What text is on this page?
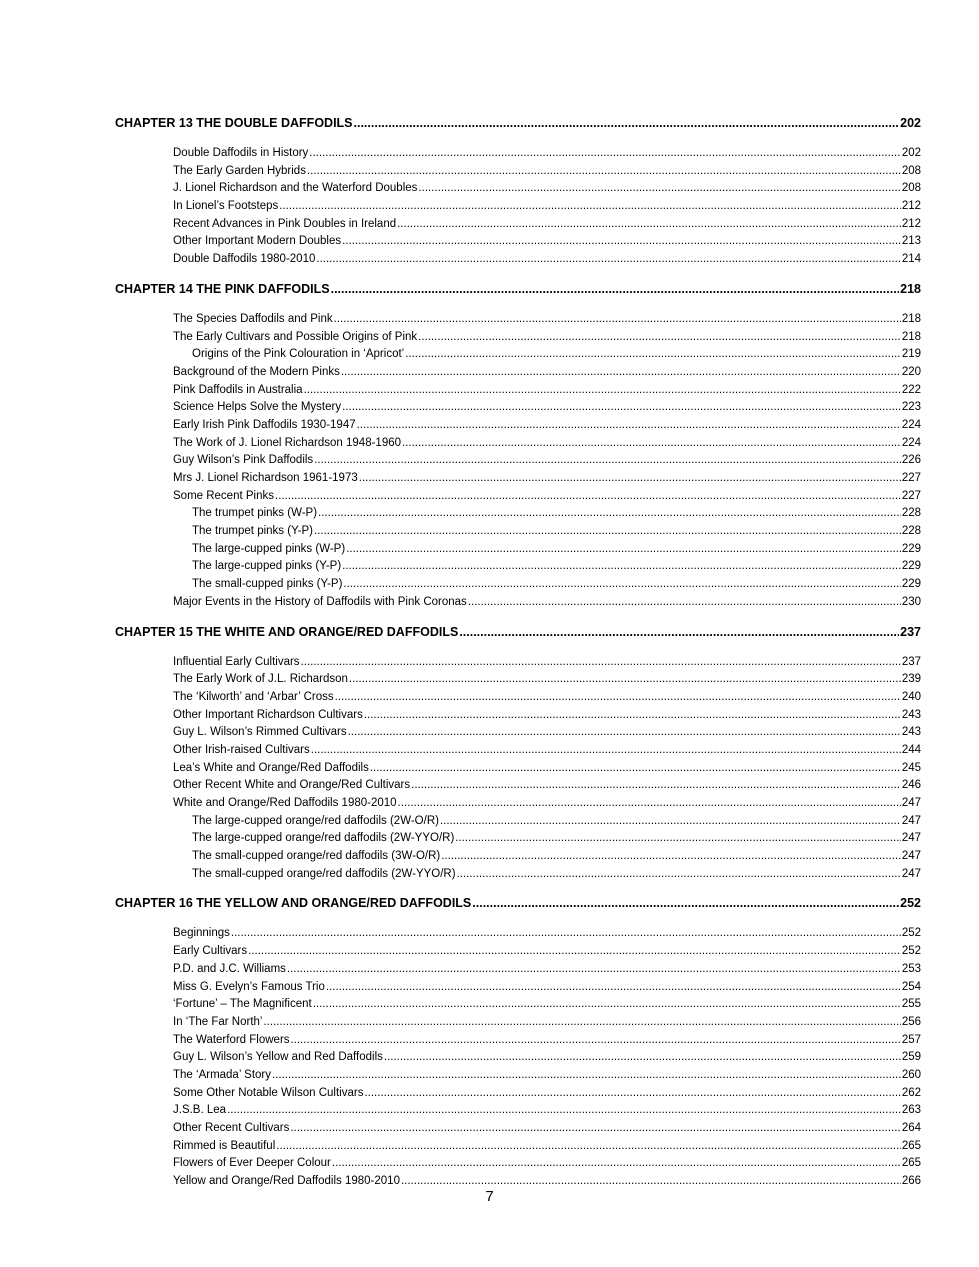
CHAPTER 13 THE DOUBLE DAFFODILS .....	202
Double Daffodils in History .....	202
The Early Garden Hybrids .....	208
J. Lionel Richardson and the Waterford Doubles .....	208
In Lionel’s Footsteps .....	212
Recent Advances in Pink Doubles in Ireland .....	212
Other Important Modern Doubles .....	213
Double Daffodils 1980-2010 .....	214
CHAPTER 14 THE PINK DAFFODILS .....	218
The Species Daffodils and Pink .....	218
The Early Cultivars and Possible Origins of Pink .....	218
Origins of the Pink Colouration in ‘Apricot’ .....	219
Background of the Modern Pinks .....	220
Pink Daffodils in Australia .....	222
Science Helps Solve the Mystery .....	223
Early Irish Pink Daffodils 1930-1947 .....	224
The Work of J. Lionel Richardson 1948-1960 .....	224
Guy Wilson’s Pink Daffodils .....	226
Mrs J. Lionel Richardson 1961-1973 .....	227
Some Recent Pinks .....	227
The trumpet pinks (W-P) .....	228
The trumpet pinks (Y-P) .....	228
The large-cupped pinks (W-P) .....	229
The large-cupped pinks (Y-P) .....	229
The small-cupped pinks (Y-P) .....	229
Major Events in the History of Daffodils with Pink Coronas .....	230
CHAPTER 15 THE WHITE AND ORANGE/RED DAFFODILS .....	237
Influential Early Cultivars .....	237
The Early Work of J.L. Richardson .....	239
The ‘Kilworth’ and ‘Arbar’ Cross .....	240
Other Important Richardson Cultivars .....	243
Guy L. Wilson’s Rimmed Cultivars .....	243
Other Irish-raised Cultivars .....	244
Lea’s White and Orange/Red Daffodils .....	245
Other Recent White and Orange/Red Cultivars .....	246
White and Orange/Red Daffodils 1980-2010 .....	247
The large-cupped orange/red daffodils (2W-O/R) .....	247
The large-cupped orange/red daffodils (2W-YYO/R) .....	247
The small-cupped orange/red daffodils (3W-O/R) .....	247
The small-cupped orange/red daffodils (2W-YYO/R) .....	247
CHAPTER 16 THE YELLOW AND ORANGE/RED DAFFODILS .....	252
Beginnings .....	252
Early Cultivars .....	252
P.D. and J.C. Williams .....	253
Miss G. Evelyn’s Famous Trio .....	254
‘Fortune’ – The Magnificent .....	255
In ‘The Far North’ .....	256
The Waterford Flowers .....	257
Guy L. Wilson’s Yellow and Red Daffodils .....	259
The ‘Armada’ Story .....	260
Some Other Notable Wilson Cultivars .....	262
J.S.B. Lea .....	263
Other Recent Cultivars .....	264
Rimmed is Beautiful .....	265
Flowers of Ever Deeper Colour .....	265
Yellow and Orange/Red Daffodils 1980-2010 .....	266
7
